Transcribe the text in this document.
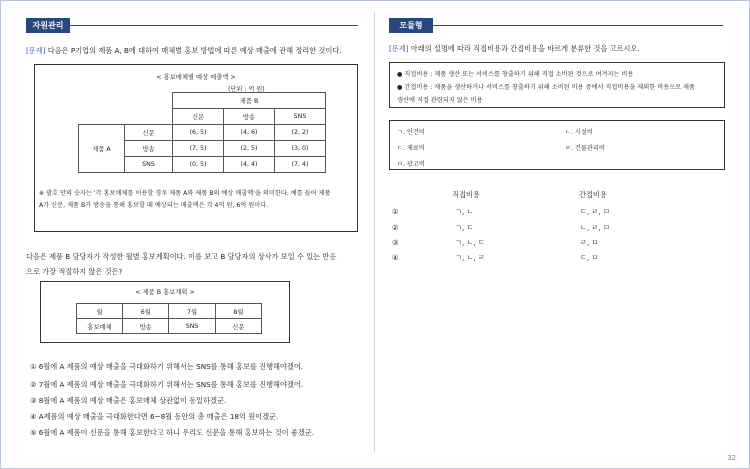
자원관리
[문제] 다음은 P기업의 제품 A, B에 대하여 매체별 홍보 방법에 따른 예상 매출에 관해 정리한 것이다.
< 홍보매체별 예상 매출액 >
(단위 : 억 원)
		제품 B		
		신문	방송	SNS
제품 A	신문	(6, 5)	(4, 6)	(2, 2)
	방송	(7, 5)	(2, 5)	(3, 0)
	SNS	(0, 5)	(4, 4)	(7, 4)
※ 괄호 안의 숫자는 '각 홍보매체를 이용할 경우 제품 A와 제품 B의 예상 매출액'을 의미한다. 예를 들어 제품
A가 신문, 제품 B가 방송을 통해 홍보할 때 예상되는 매출액은 각 4억 원, 6억 원이다.
다음은 제품 B 담당자가 작성한 월별 홍보계획이다. 이를 보고 B 담당자의 상사가 보일 수 있는 반응
으로 가장 적절하지 않은 것은?
< 제품 B 홍보계획 >
월	6월	7월	8월
홍보매체	방송	SNS	신문
① 6월에 A 제품의 예상 매출을 극대화하기 위해서는 SNS를 통해 홍보를 진행해야겠어.
② 7월에 A 제품의 예상 매출을 극대화하기 위해서는 SNS를 통해 홍보를 진행해야겠어.
③ 8월에 A 제품의 예상 매출은 홍보매체 상관없이 동일하겠군.
④ A제품의 예상 매출을 극대화한다면 6~8월 동안의 총 매출은 18억 원이겠군.
⑤ 6월에 A 제품이 신문을 통해 홍보한다고 하니 우리도 신문을 통해 홍보하는 것이 좋겠군.
모듈형
[문제] 아래의 설명에 따라 직접비용과 간접비용을 바르게 분류한 것을 고르시오.
● 직접비용 : 제품 생산 또는 서비스를 창출하기 위해 직접 소비된 것으로 여겨지는 비용
● 간접비용 : 제품을 생산하거나 서비스를 창출하기 위해 소비된 비용 중에서 직접비용을 제외한 비용으로 제품
생산에 직접 관련되지 않은 비용
ㄱ. 인건비	ㄴ. 시설비
ㄷ. 재료비	ㄹ. 건물관리비
ㅁ. 광고비
직접비용	간접비용
①	ㄱ, ㄴ	ㄷ, ㄹ, ㅁ
②	ㄱ, ㄷ	ㄴ, ㄹ, ㅁ
③	ㄱ, ㄴ, ㄷ	ㄹ, ㅁ
④	ㄱ, ㄴ, ㄹ	ㄷ, ㅁ
32
